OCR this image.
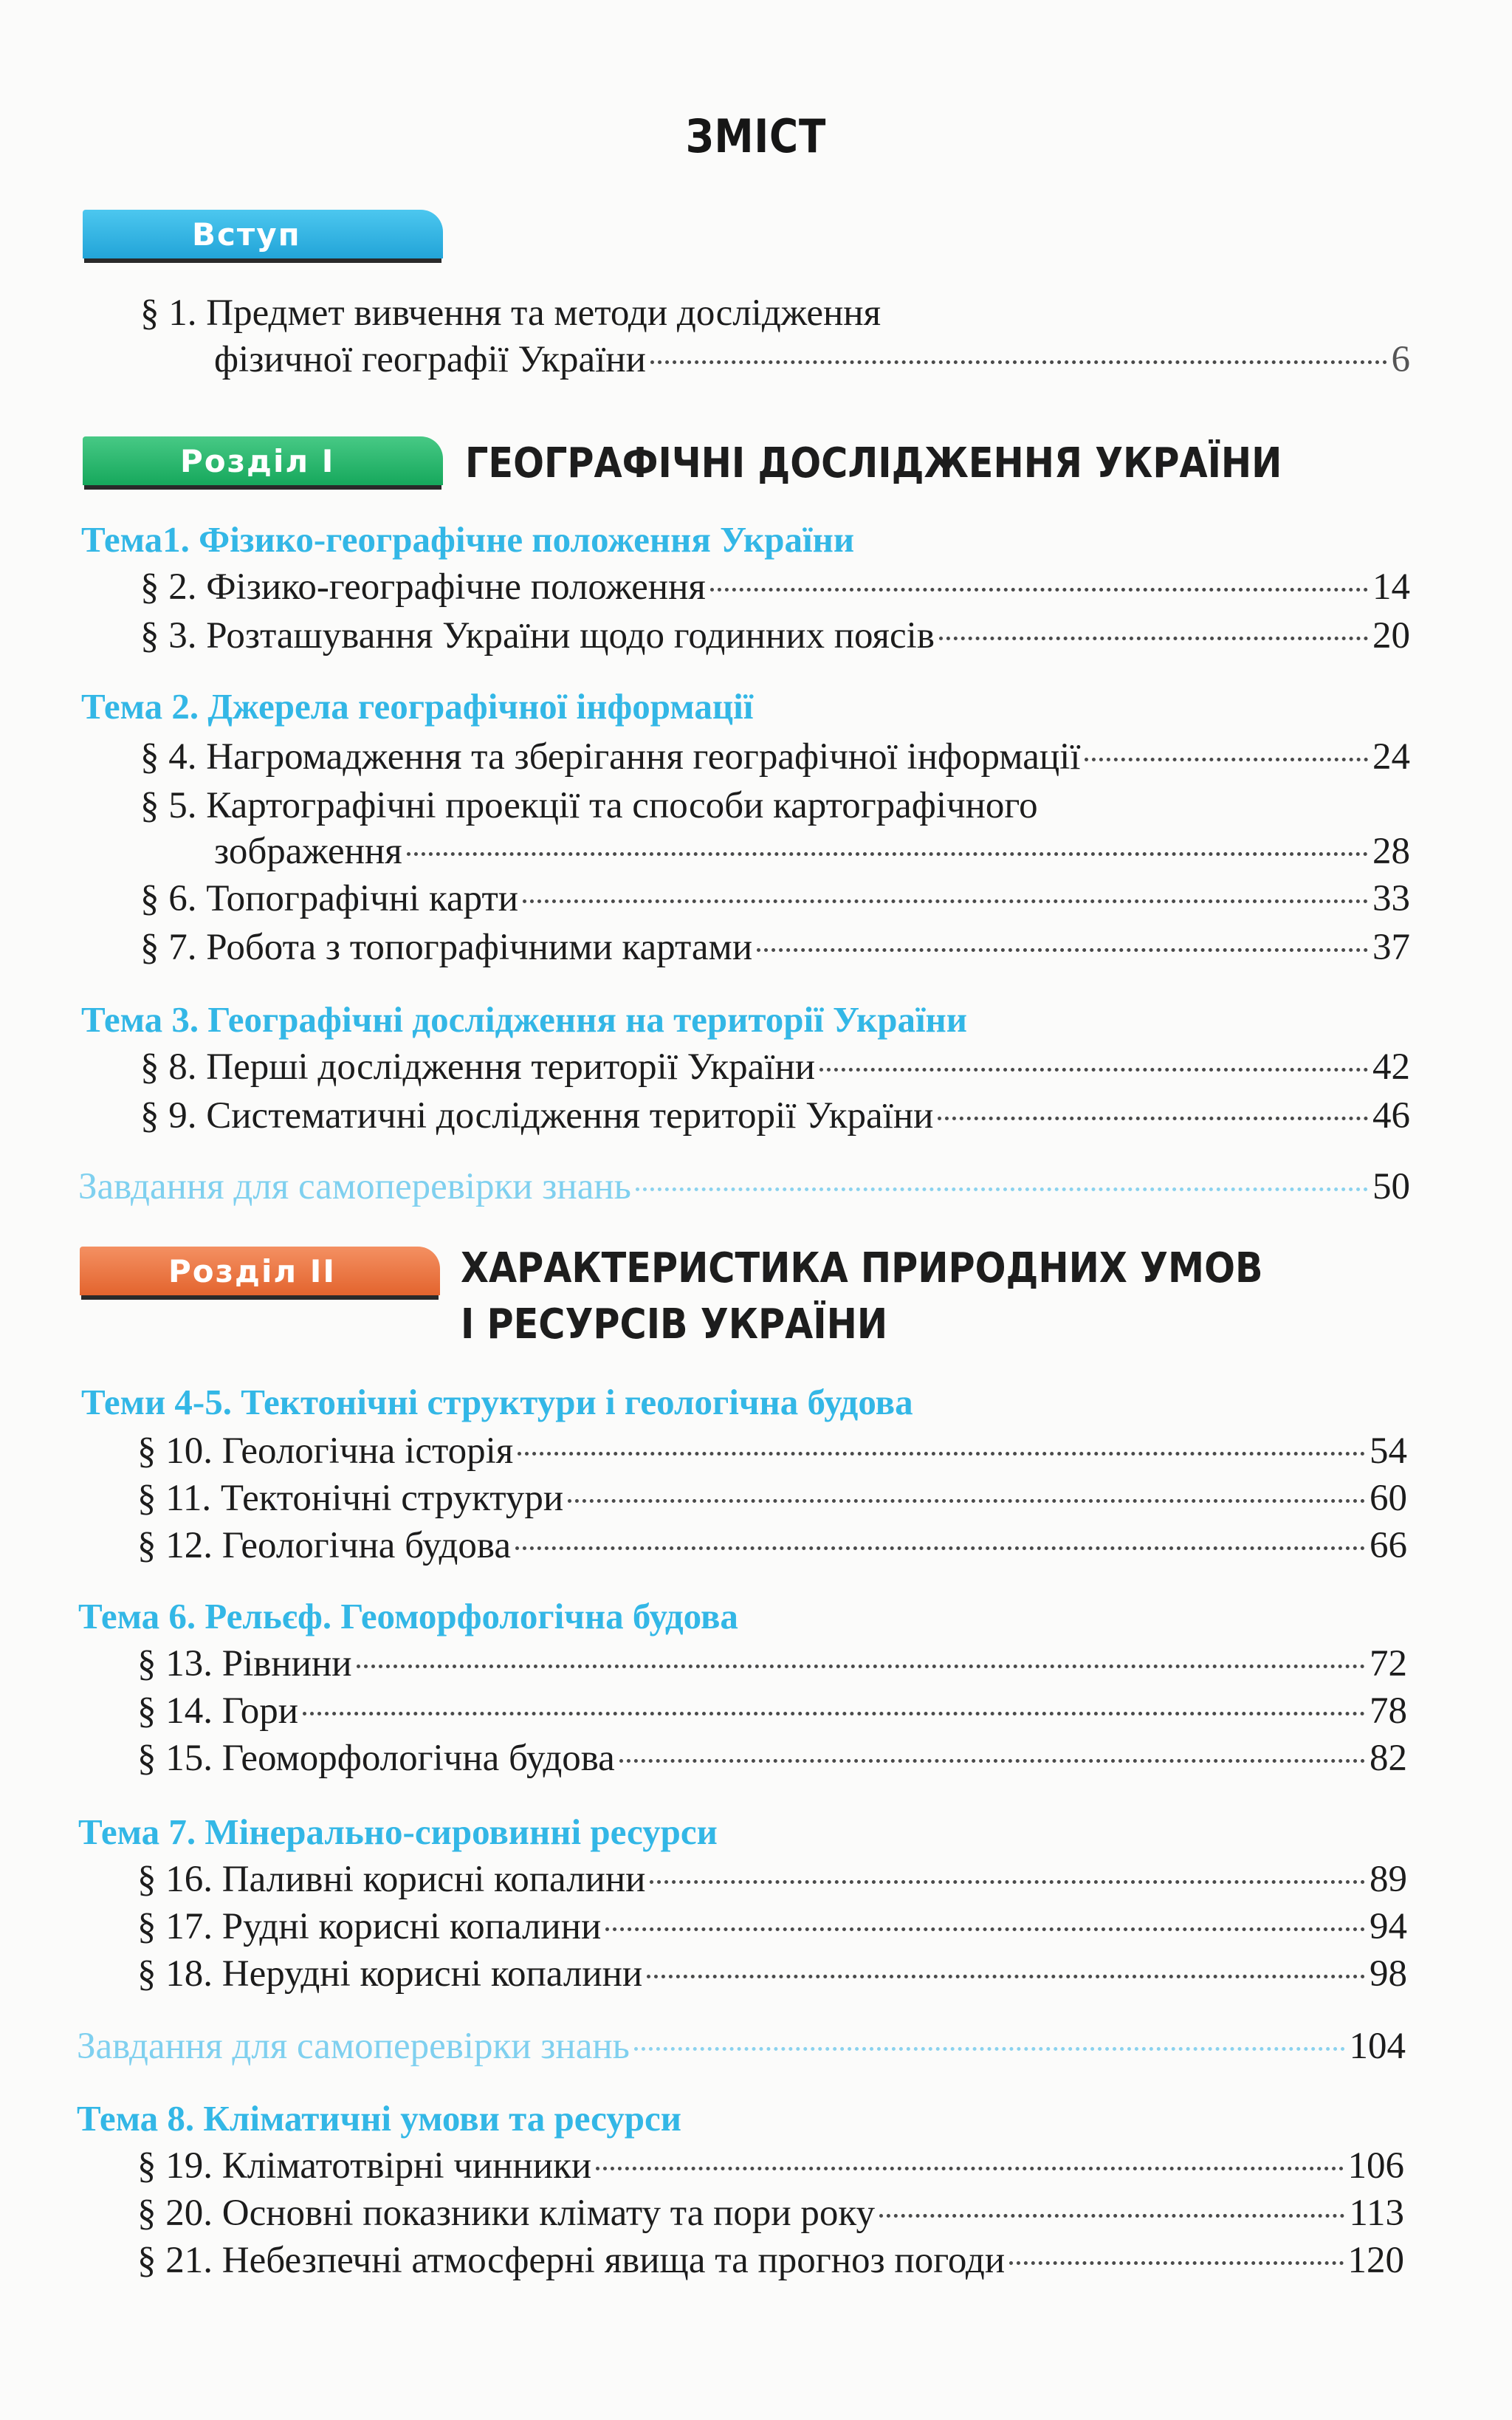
ЗМІСТ
Вступ
§ 1. Предмет вивчення та методи дослідження
фізичної географії України	6
Розділ І	ГЕОГРАФІЧНІ ДОСЛІДЖЕННЯ УКРАЇНИ
Тема1. Фізико-географічне положення України
§ 2.
Фізико-географічне положення	14
§ 3.
Розташування України щодо годинних поясів	20
Тема 2. Джерела географічної інформації
§ 4.
Нагромадження та зберігання географічної інформації	24
§ 5. Картографічні проекції та способи картографічного
зображення	28
§ 6.
Топографічні карти	33
§ 7.
Робота з топографічними картами	37
Тема 3. Географічні дослідження на території України
§ 8.
Перші дослідження території України	42
§ 9.
Систематичні дослідження території України	46
Завдання для самоперевірки знань	50
Розділ ІІ	ХАРАКТЕРИСТИКА ПРИРОДНИХ УМОВ
І РЕСУРСІВ УКРАЇНИ
Теми 4-5. Тектонічні структури і геологічна будова
§ 10.
Геологічна історія	54
§ 11.
Тектонічні структури	60
§ 12.
Геологічна будова	66
Тема 6. Рельєф. Геоморфологічна будова
§ 13.
Рівнини	72
§ 14.
Гори	78
§ 15.
Геоморфологічна будова	82
Тема 7. Мінерально-сировинні ресурси
§ 16.
Паливні корисні копалини	89
§ 17.
Рудні корисні копалини	94
§ 18.
Нерудні корисні копалини	98
Завдання для самоперевірки знань	104
Тема 8. Кліматичні умови та ресурси
§ 19.
Кліматотвірні чинники	106
§ 20.
Основні показники клімату та пори року	113
§ 21.
Небезпечні атмосферні явища та прогноз погоди	120
